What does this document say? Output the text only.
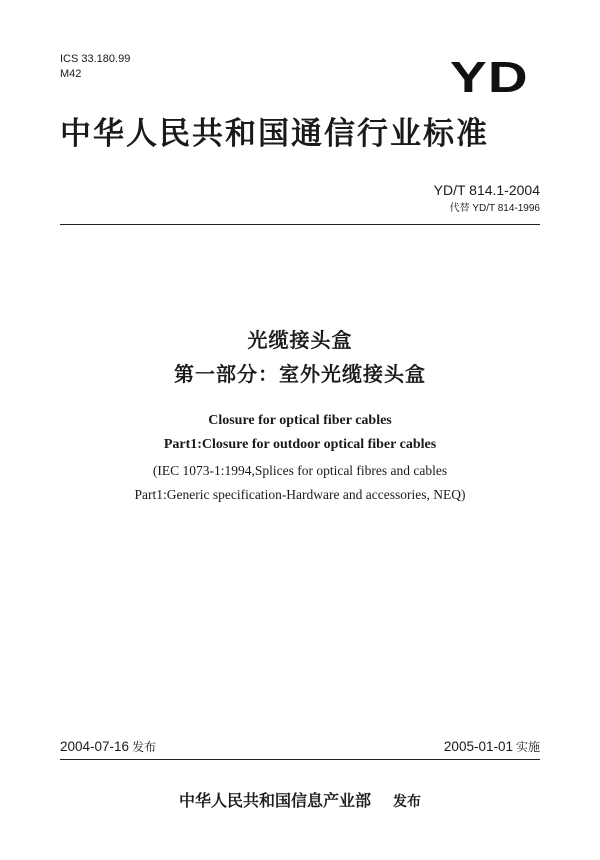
ICS 33.180.99
M42	YD
中华人民共和国通信行业标准
YD/T 814.1-2004
代替 YD/T 814-1996
光缆接头盒
第一部分：室外光缆接头盒
Closure for optical fiber cables
Part1:Closure for outdoor optical fiber cables
(IEC 1073-1:1994,Splices for optical fibres and cables
Part1:Generic specification-Hardware and accessories, NEQ)
2004-07-16 发布	2005-01-01 实施
中华人民共和国信息产业部 发布
